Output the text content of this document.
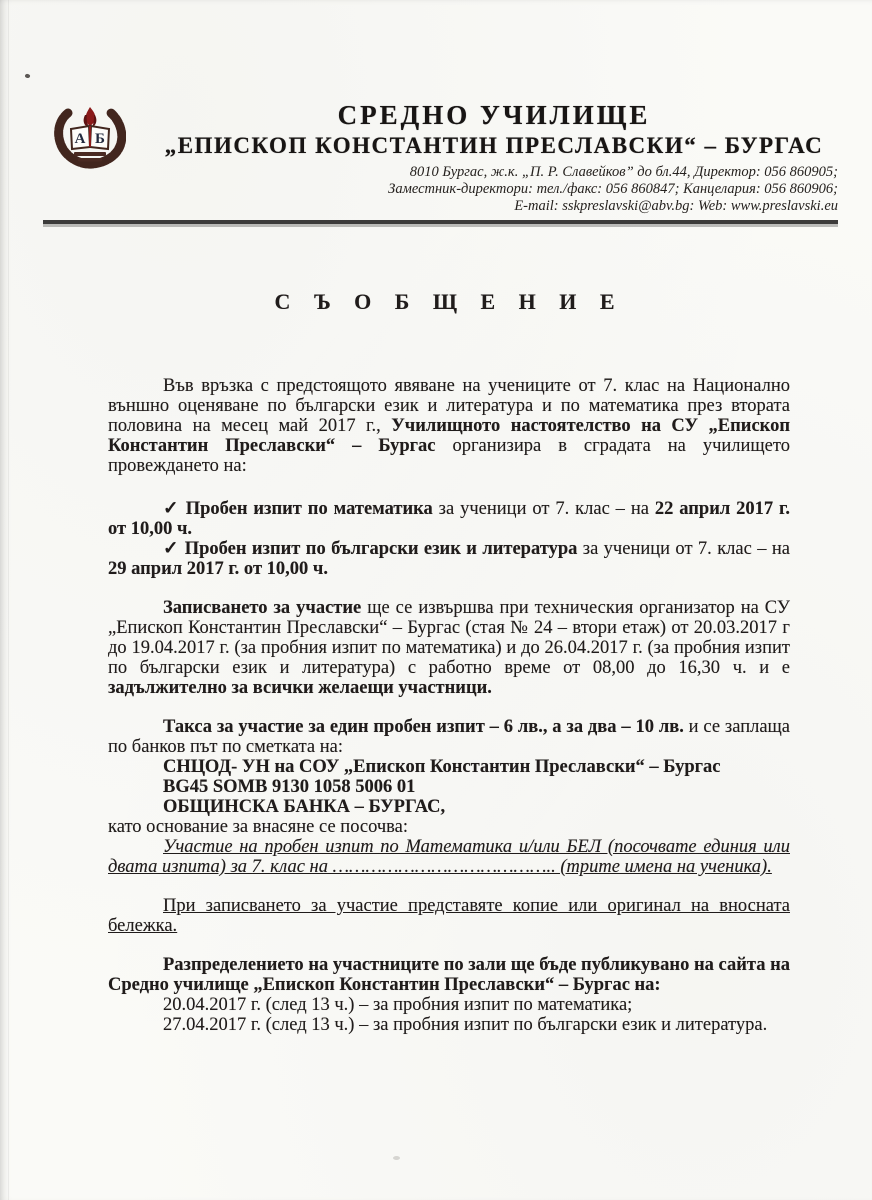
А Б
СРЕДНО УЧИЛИЩЕ
„ЕПИСКОП КОНСТАНТИН ПРЕСЛАВСКИ“ – БУРГАС
8010 Бургас, ж.к. „П. Р. Славейков” до бл.44, Директор: 056 860905;
Заместник-директори: тел./факс: 056 860847; Канцелария: 056 860906;
E-mail: sskpreslavski@abv.bg: Web: www.preslavski.eu
С Ъ О Б Щ Е Н И Е

Във връзка с предстоящото явяване на учениците от 7. клас на Национално външно оценяване по български език и литература и по математика през втората половина на месец май 2017 г., Училищното настоятелство на СУ „Епископ Константин Преславски“ – Бургас организира в сградата на училището провеждането на:

✓ Пробен изпит по математика за ученици от 7. клас – на 22 април 2017 г. от 10,00 ч.

✓ Пробен изпит по български език и литература за ученици от 7. клас – на 29 април 2017 г. от 10,00 ч.

Записването за участие ще се извършва при техническия организатор на СУ „Епископ Константин Преславски“ – Бургас (стая № 24 – втори етаж) от 20.03.2017 г до 19.04.2017 г. (за пробния изпит по математика) и до 26.04.2017 г. (за пробния изпит по български език и литература) с работно време от 08,00 до 16,30 ч. и е задължително за всички желаещи участници.

Такса за участие за един пробен изпит – 6 лв., а за два – 10 лв. и се заплаща по банков път по сметката на:

СНЦОД- УН на СОУ „Епископ Константин Преславски“ – Бургас
BG45 SOMB 9130 1058 5006 01
ОБЩИНСКА БАНКА – БУРГАС,

като основание за внасяне се посочва:

Участие на пробен изпит по Математика и/или БЕЛ (посочвате единия или двата изпита) за 7. клас на ………………………………….. (трите имена на ученика).

При записването за участие представяте копие или оригинал на вносната бележка.

Разпределението на участниците по зали ще бъде публикувано на сайта на Средно училище „Епископ Константин Преславски“ – Бургас на:

20.04.2017 г. (след 13 ч.) – за пробния изпит по математика;

27.04.2017 г. (след 13 ч.) – за пробния изпит по български език и литература.
